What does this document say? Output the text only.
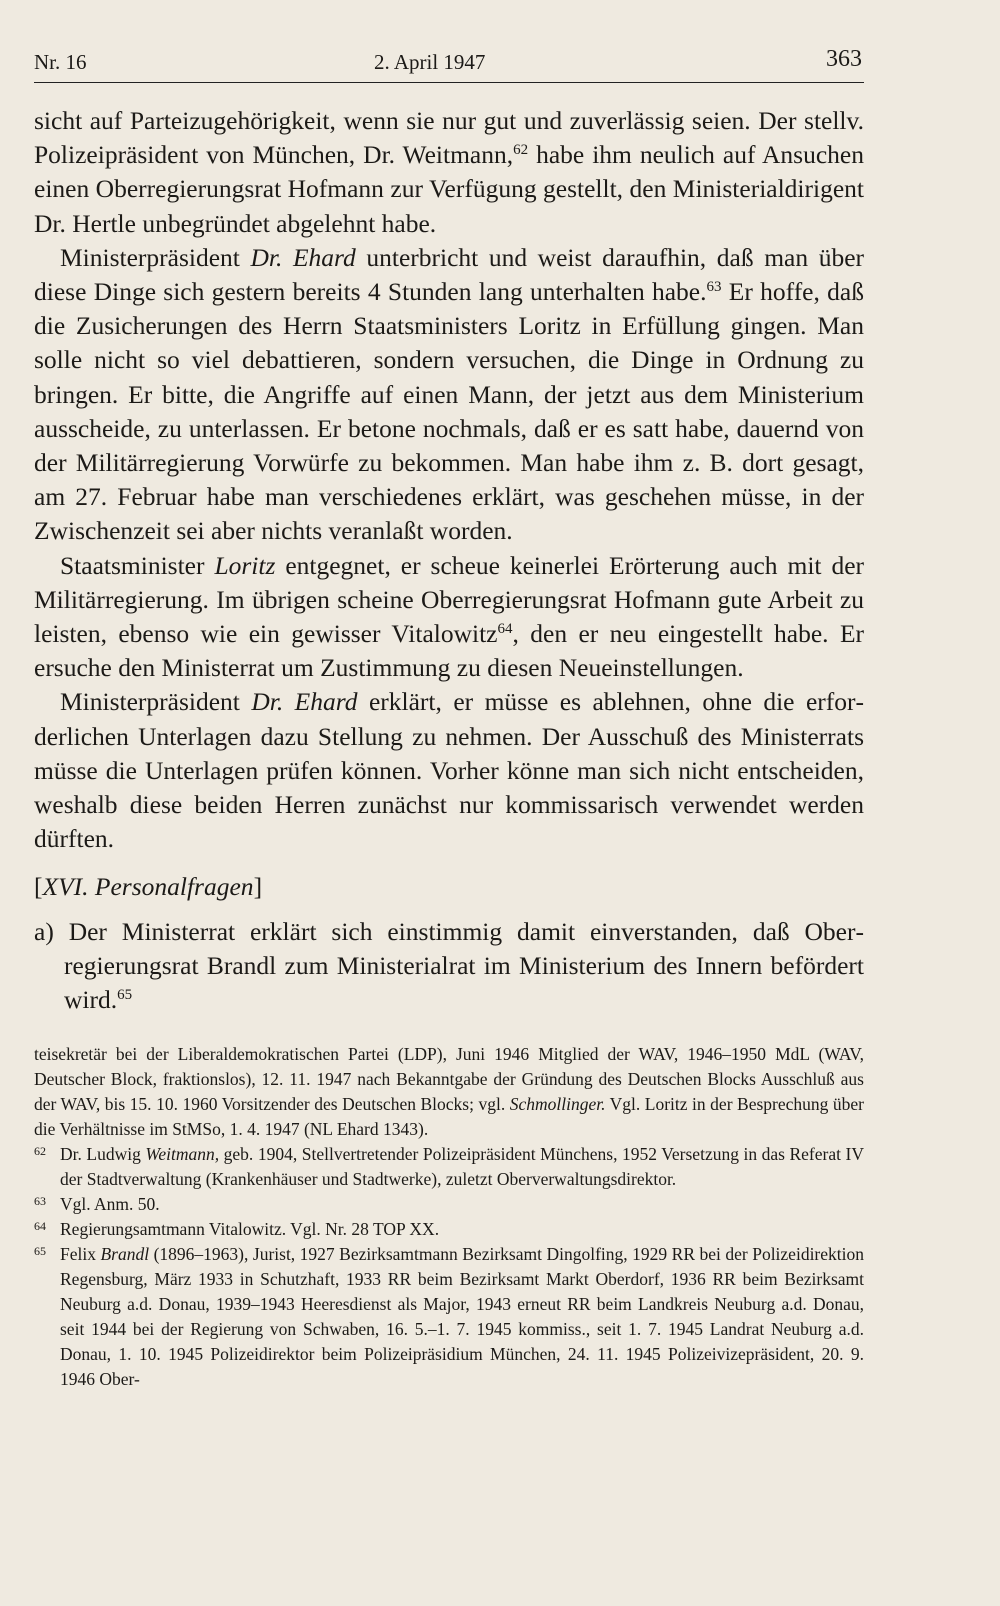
Nr. 16	2. April 1947	363

sicht auf Parteizugehörigkeit, wenn sie nur gut und zuverlässig seien. Der stellv. Polizeipräsident von München, Dr. Weitmann,$^{62}$ habe ihm neulich auf Ansuchen einen Oberregierungsrat Hofmann zur Verfügung gestellt, den Ministerialdirigent Dr. Hertle unbegründet abgelehnt habe.

Ministerpräsident Dr. Ehard unterbricht und weist daraufhin, daß man über diese Dinge sich gestern bereits 4 Stunden lang unterhalten habe.$^{63}$ Er hoffe, daß die Zusicherungen des Herrn Staatsministers Loritz in Erfüllung gingen. Man solle nicht so viel debattieren, sondern versuchen, die Dinge in Ordnung zu bringen. Er bitte, die Angriffe auf einen Mann, der jetzt aus dem Ministerium ausscheide, zu unterlassen. Er betone nochmals, daß er es satt habe, dauernd von der Militärregierung Vorwürfe zu bekommen. Man habe ihm z. B. dort gesagt, am 27. Februar habe man verschiedenes erklärt, was geschehen müsse, in der Zwischenzeit sei aber nichts veranlaßt worden.

Staatsminister Loritz entgegnet, er scheue keinerlei Erörterung auch mit der Militärregierung. Im übrigen scheine Oberregierungsrat Hofmann gute Arbeit zu leisten, ebenso wie ein gewisser Vitalowitz$^{64}$, den er neu eingestellt habe. Er ersuche den Ministerrat um Zustimmung zu diesen Neueinstellungen.

Ministerpräsident Dr. Ehard erklärt, er müsse es ablehnen, ohne die erforderlichen Unterlagen dazu Stellung zu nehmen. Der Ausschuß des Ministerrats müsse die Unterlagen prüfen können. Vorher könne man sich nicht entscheiden, weshalb diese beiden Herren zunächst nur kommissarisch verwendet werden dürften.

[XVI. Personalfragen]

a) Der Ministerrat erklärt sich einstimmig damit einverstanden, daß Oberregierungsrat Brandl zum Ministerialrat im Ministerium des Innern befördert wird.$^{65}$

teisekretär bei der Liberaldemokratischen Partei (LDP), Juni 1946 Mitglied der WAV, 1946–1950 MdL (WAV, Deutscher Block, fraktionslos), 12. 11. 1947 nach Bekanntgabe der Gründung des Deutschen Blocks Ausschluß aus der WAV, bis 15. 10. 1960 Vorsitzender des Deutschen Blocks; vgl. Schmollinger. Vgl. Loritz in der Besprechung über die Verhältnisse im StMSo, 1. 4. 1947 (NL Ehard 1343).

62 Dr. Ludwig Weitmann, geb. 1904, Stellvertretender Polizeipräsident Münchens, 1952 Versetzung in das Referat IV der Stadtverwaltung (Krankenhäuser und Stadtwerke), zuletzt Oberverwaltungsdirektor.

63 Vgl. Anm. 50.

64 Regierungsamtmann Vitalowitz. Vgl. Nr. 28 TOP XX.

65 Felix Brandl (1896–1963), Jurist, 1927 Bezirksamtmann Bezirksamt Dingolfing, 1929 RR bei der Polizeidirektion Regensburg, März 1933 in Schutzhaft, 1933 RR beim Bezirksamt Markt Oberdorf, 1936 RR beim Bezirksamt Neuburg a.d. Donau, 1939–1943 Heeresdienst als Major, 1943 erneut RR beim Landkreis Neuburg a.d. Donau, seit 1944 bei der Regierung von Schwaben, 16. 5.–1. 7. 1945 kommiss., seit 1. 7. 1945 Landrat Neuburg a.d. Donau, 1. 10. 1945 Polizeidirektor beim Polizeipräsidium München, 24. 11. 1945 Polizeivizepräsident, 20. 9. 1946 Ober-
